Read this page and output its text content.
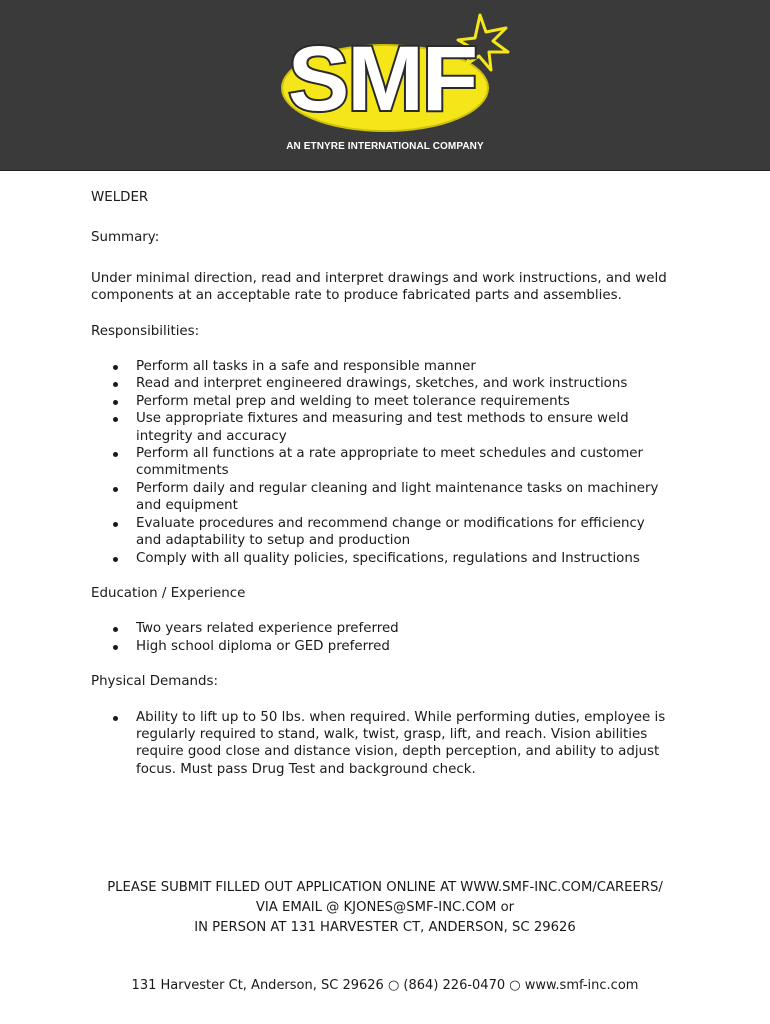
SMF
AN ETNYRE INTERNATIONAL COMPANY

WELDER

Summary:

Under minimal direction, read and interpret drawings and work instructions, and weld components at an acceptable rate to produce fabricated parts and assemblies.

Responsibilities:

Perform all tasks in a safe and responsible manner
Read and interpret engineered drawings, sketches, and work instructions
Perform metal prep and welding to meet tolerance requirements
Use appropriate fixtures and measuring and test methods to ensure weld integrity and accuracy
Perform all functions at a rate appropriate to meet schedules and customer commitments
Perform daily and regular cleaning and light maintenance tasks on machinery and equipment
Evaluate procedures and recommend change or modifications for efficiency and adaptability to setup and production
Comply with all quality policies, specifications, regulations and Instructions

Education / Experience

Two years related experience preferred
High school diploma or GED preferred

Physical Demands:

Ability to lift up to 50 lbs. when required. While performing duties, employee is regularly required to stand, walk, twist, grasp, lift, and reach. Vision abilities require good close and distance vision, depth perception, and ability to adjust focus. Must pass Drug Test and background check.
PLEASE SUBMIT FILLED OUT APPLICATION ONLINE AT WWW.SMF-INC.COM/CAREERS/
VIA EMAIL @ KJONES@SMF-INC.COM or
IN PERSON AT 131 HARVESTER CT, ANDERSON, SC 29626
131 Harvester Ct, Anderson, SC 29626 ○ (864) 226-0470 ○ www.smf-inc.com
